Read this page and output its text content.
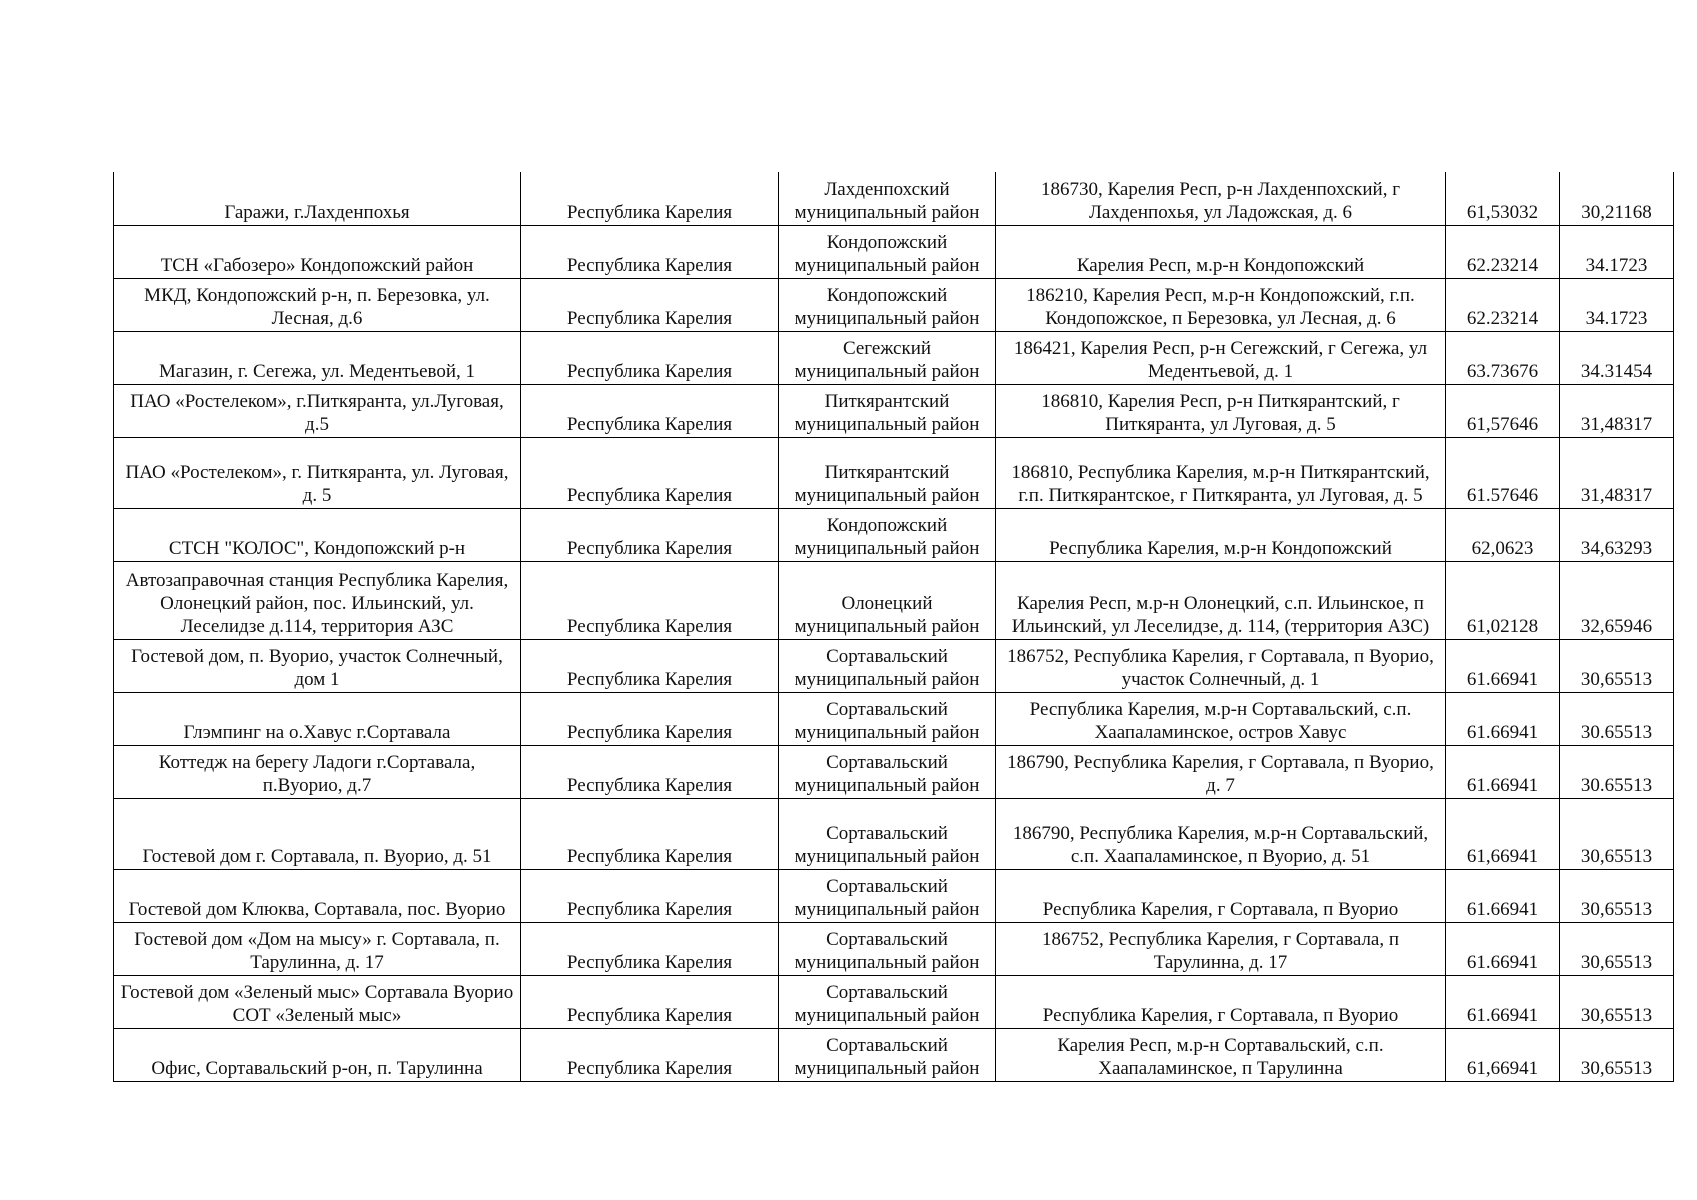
Гаражи, г.Лахденпохья	Республика Карелия	Лахденпохский муниципальный район	186730, Карелия Респ, р-н Лахденпохский, г Лахденпохья, ул Ладожская, д. 6	61,53032	30,21168
ТСН «Габозеро» Кондопожский район	Республика Карелия	Кондопожский муниципальный район	Карелия Респ, м.р-н Кондопожский	62.23214	34.1723
МКД, Кондопожский р-н, п. Березовка, ул. Лесная, д.6	Республика Карелия	Кондопожский муниципальный район	186210, Карелия Респ, м.р-н Кондопожский, г.п. Кондопожское, п Березовка, ул Лесная, д. 6	62.23214	34.1723
Магазин, г. Сегежа, ул. Медентьевой, 1	Республика Карелия	Сегежский муниципальный район	186421, Карелия Респ, р-н Сегежский, г Сегежа, ул Медентьевой, д. 1	63.73676	34.31454
ПАО «Ростелеком», г.Питкяранта, ул.Луговая, д.5	Республика Карелия	Питкярантский муниципальный район	186810, Карелия Респ, р-н Питкярантский, г Питкяранта, ул Луговая, д. 5	61,57646	31,48317
ПАО «Ростелеком», г. Питкяранта, ул. Луговая, д. 5	Республика Карелия	Питкярантский муниципальный район	186810, Республика Карелия, м.р-н Питкярантский, г.п. Питкярантское, г Питкяранта, ул Луговая, д. 5	61.57646	31,48317
СТСН "КОЛОС", Кондопожский р-н	Республика Карелия	Кондопожский муниципальный район	Республика Карелия, м.р-н Кондопожский	62,0623	34,63293
Автозаправочная станция Республика Карелия, Олонецкий район, пос. Ильинский, ул. Леселидзе д.114, территория АЗС	Республика Карелия	Олонецкий муниципальный район	Карелия Респ, м.р-н Олонецкий, с.п. Ильинское, п Ильинский, ул Леселидзе, д. 114, (территория АЗС)	61,02128	32,65946
Гостевой дом, п. Вуорио, участок Солнечный, дом 1	Республика Карелия	Сортавальский муниципальный район	186752, Республика Карелия, г Сортавала, п Вуорио, участок Солнечный, д. 1	61.66941	30,65513
Глэмпинг на о.Хавус г.Сортавала	Республика Карелия	Сортавальский муниципальный район	Республика Карелия, м.р-н Сортавальский, с.п. Хаапаламинское, остров Хавус	61.66941	30.65513
Коттедж на берегу Ладоги г.Сортавала, п.Вуорио, д.7	Республика Карелия	Сортавальский муниципальный район	186790, Республика Карелия, г Сортавала, п Вуорио, д. 7	61.66941	30.65513
Гостевой дом г. Сортавала, п. Вуорио, д. 51	Республика Карелия	Сортавальский муниципальный район	186790, Республика Карелия, м.р-н Сортавальский, с.п. Хаапаламинское, п Вуорио, д. 51	61,66941	30,65513
Гостевой дом Клюква, Сортавала, пос. Вуорио	Республика Карелия	Сортавальский муниципальный район	Республика Карелия, г Сортавала, п Вуорио	61.66941	30,65513
Гостевой дом «Дом на мысу» г. Сортавала, п. Тарулинна, д. 17	Республика Карелия	Сортавальский муниципальный район	186752, Республика Карелия, г Сортавала, п Тарулинна, д. 17	61.66941	30,65513
Гостевой дом «Зеленый мыс» Сортавала Вуорио СОТ «Зеленый мыс»	Республика Карелия	Сортавальский муниципальный район	Республика Карелия, г Сортавала, п Вуорио	61.66941	30,65513
Офис, Сортавальский р-он, п. Тарулинна	Республика Карелия	Сортавальский муниципальный район	Карелия Респ, м.р-н Сортавальский, с.п. Хаапаламинское, п Тарулинна	61,66941	30,65513
